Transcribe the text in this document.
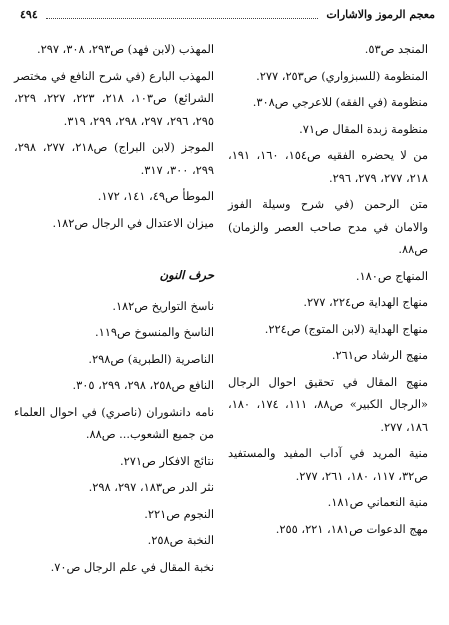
٤٩٤	معجم الرموز والاشارات
المنجد ص٥٣.
المنظومة (للسبزواري) ص٢٥٣، ٢٧٧.
منظومة (في الفقه) للاعرجي ص٣٠٨.
منظومة زبدة المقال ص٧١.
من لا يحضره الفقيه ص١٥٤، ١٦٠، ١٩١، ٢١٨، ٢٧٧، ٢٧٩، ٢٩٦.
متن الرحمن (في شرح وسيلة الفوز والامان في مدح صاحب العصر والزمان) ص٨٨.
المنهاج ص١٨٠.
منهاج الهداية ص٢٢٤، ٢٧٧.
منهاج الهداية (لابن المتوج) ص٢٢٤.
منهج الرشاد ص٢٦١.
منهج المقال في تحقيق احوال الرجال «الرجال الكبير» ص٨٨، ١١١، ١٧٤، ١٨٠، ١٨٦، ٢٧٧.
منية المريد في آداب المفيد والمستفيد ص٣٢، ١١٧، ١٨٠، ٢٦١، ٢٧٧.
منية النعماني ص١٨١.
مهج الدعوات ص١٨١، ٢٢١، ٢٥٥.
المهذب (لابن فهد) ص٢٩٣، ٣٠٨، ٢٩٧.
المهذب البارع (في شرح النافع في مختصر الشرائع) ص١٠٣، ٢١٨، ٢٢٣، ٢٢٧، ٢٢٩، ٢٩٥، ٢٩٦، ٢٩٧، ٢٩٨، ٢٩٩، ٣١٩.
الموجز (لابن البراج) ص٢١٨، ٢٧٧، ٢٩٨، ٢٩٩، ٣٠٠، ٣١٧.
الموطأ ص٤٩، ١٤١، ١٧٢.
ميزان الاعتدال في الرجال ص١٨٢.
حرف النون
ناسخ التواريخ ص١٨٢.
الناسخ والمنسوخ ص١١٩.
الناصرية (الطبرية) ص٢٩٨.
النافع ص٢٥٨، ٢٩٨، ٢٩٩، ٣٠٥.
نامه دانشوران (ناصري) في احوال العلماء من جميع الشعوب... ص٨٨.
نتائج الافكار ص٢٧١.
نثر الدر ص١٨٣، ٢٩٧، ٢٩٨.
النجوم ص٢٢١.
النخبة ص٢٥٨.
نخبة المقال في علم الرجال ص٧٠.
